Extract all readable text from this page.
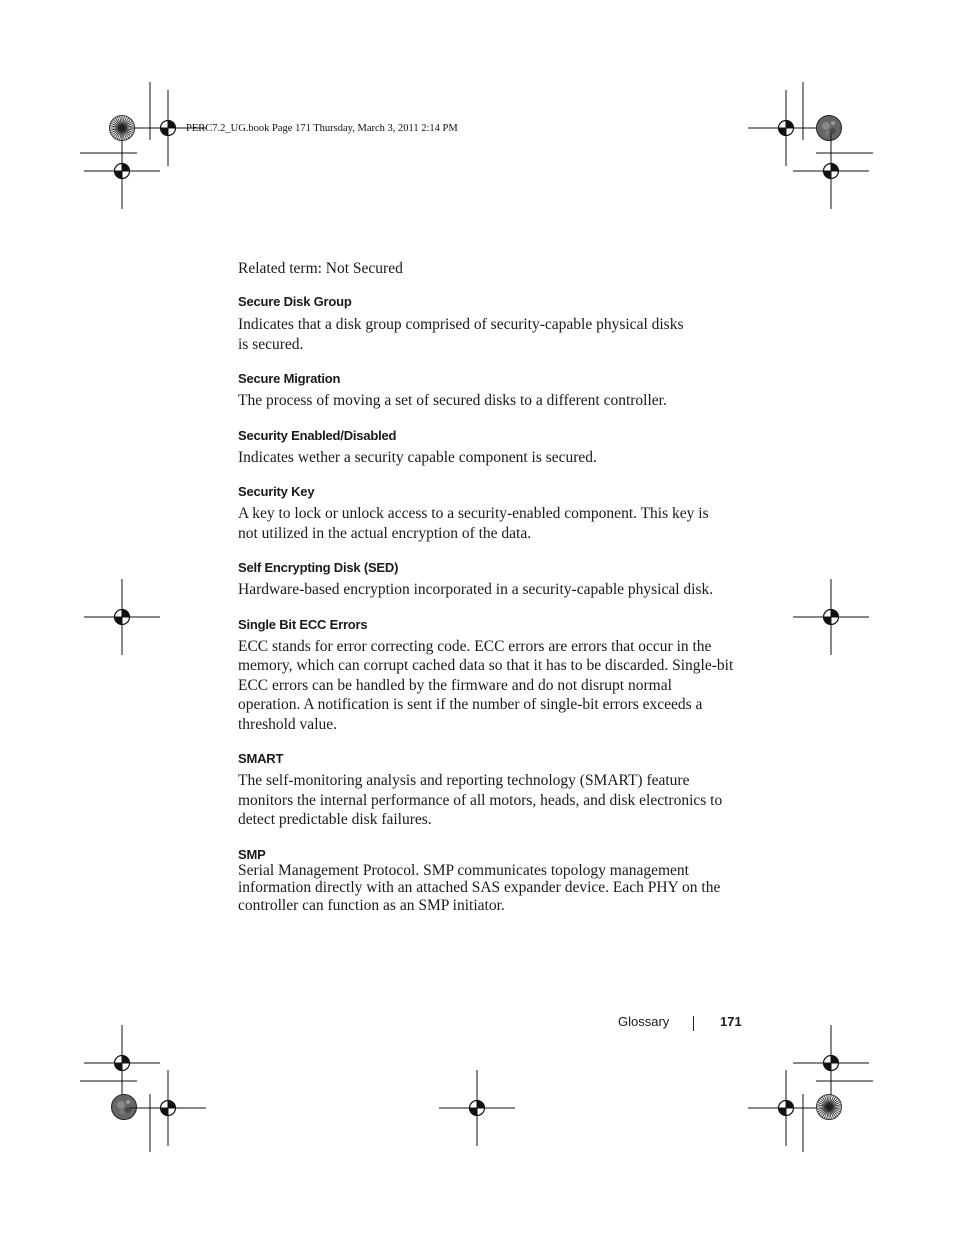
PERC7.2_UG.book Page 171 Thursday, March 3, 2011 2:14 PM

Related term: Not Secured

Secure Disk Group

Indicates that a disk group comprised of security-capable physical disks
is secured.

Secure Migration

The process of moving a set of secured disks to a different controller.

Security Enabled/Disabled

Indicates wether a security capable component is secured.

Security Key

A key to lock or unlock access to a security-enabled component. This key is
not utilized in the actual encryption of the data.

Self Encrypting Disk (SED)

Hardware-based encryption incorporated in a security-capable physical disk.

Single Bit ECC Errors

ECC stands for error correcting code. ECC errors are errors that occur in the
memory, which can corrupt cached data so that it has to be discarded. Single-bit
ECC errors can be handled by the firmware and do not disrupt normal
operation. A notification is sent if the number of single-bit errors exceeds a
threshold value.

SMART

The self-monitoring analysis and reporting technology (SMART) feature
monitors the internal performance of all motors, heads, and disk electronics to
detect predictable disk failures.

SMP

Serial Management Protocol. SMP communicates topology management
information directly with an attached SAS expander device. Each PHY on the
controller can function as an SMP initiator.

Glossary	171
